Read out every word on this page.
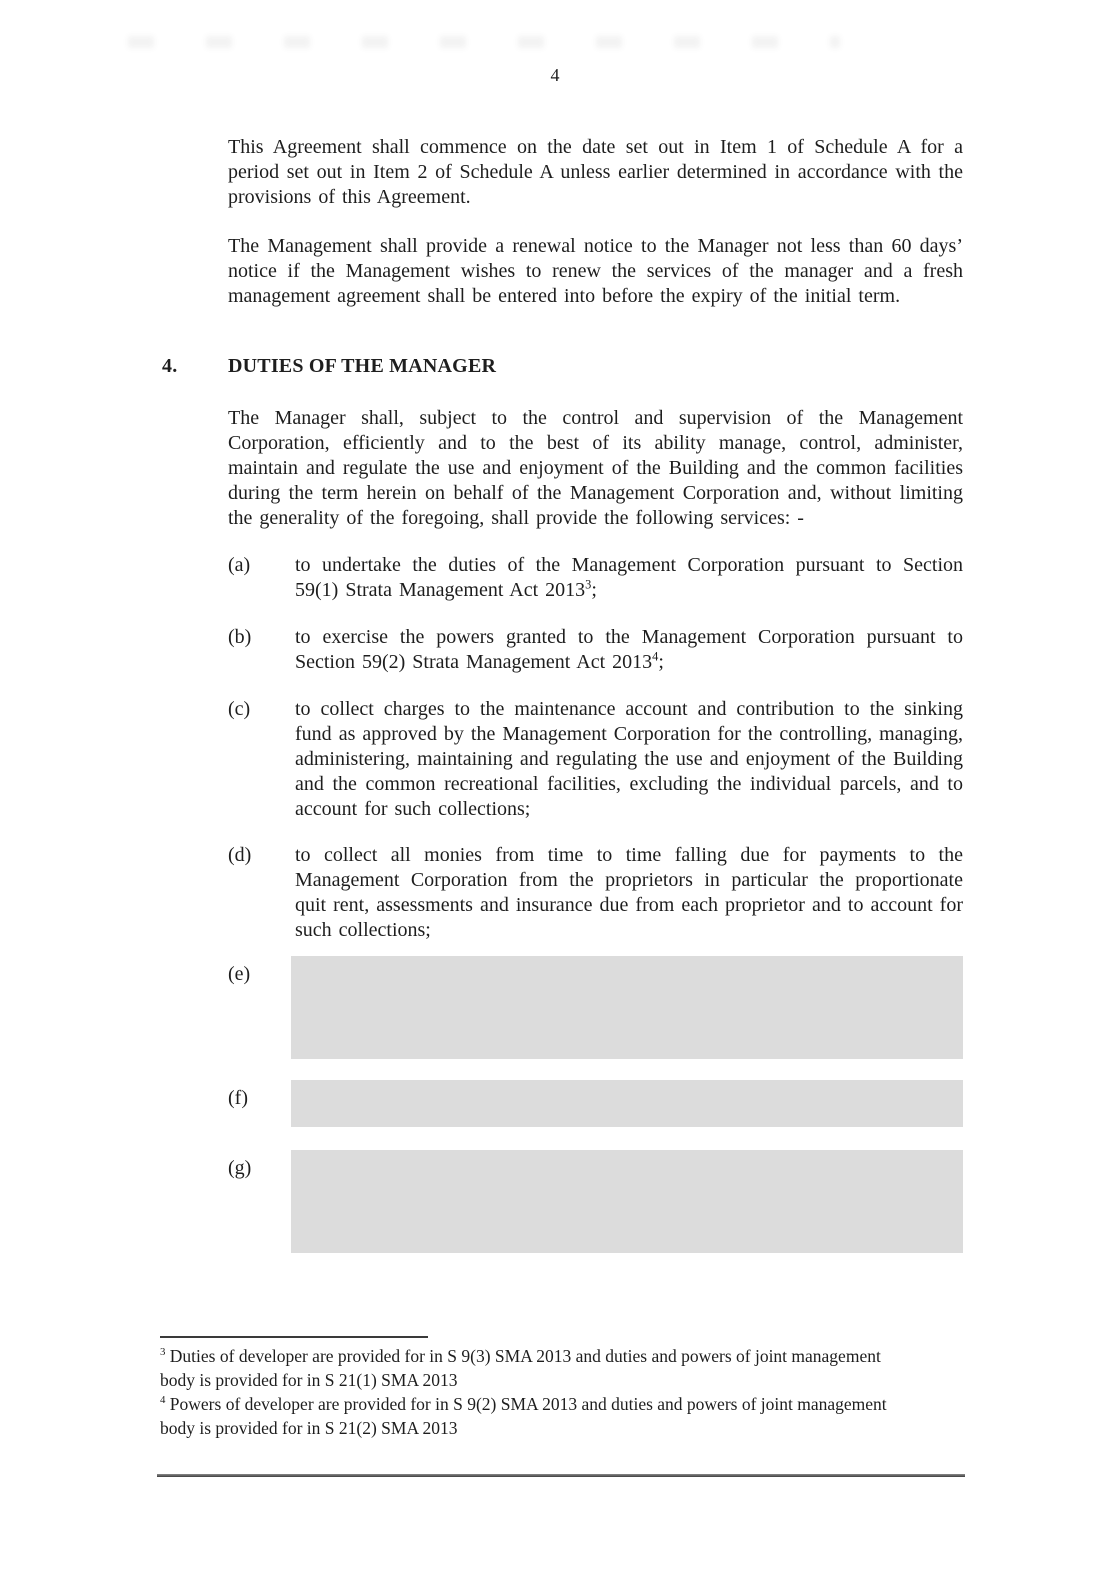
4

This Agreement shall commence on the date set out in Item 1 of Schedule A for a period set out in Item 2 of Schedule A unless earlier determined in accordance with the provisions of this Agreement.

The Management shall provide a renewal notice to the Manager not less than 60 days’ notice if the Management wishes to renew the services of the manager and a fresh management agreement shall be entered into before the expiry of the initial term.

4.	DUTIES OF THE MANAGER

The Manager shall, subject to the control and supervision of the Management Corporation, efficiently and to the best of its ability manage, control, administer, maintain and regulate the use and enjoyment of the Building and the common facilities during the term herein on behalf of the Management Corporation and, without limiting the generality of the foregoing, shall provide the following services: -

(a)	to undertake the duties of the Management Corporation pursuant to Section 59(1) Strata Management Act 2013$^3$;

(b)	to exercise the powers granted to the Management Corporation pursuant to Section 59(2) Strata Management Act 2013$^4$;

(c)	to collect charges to the maintenance account and contribution to the sinking fund as approved by the Management Corporation for the controlling, managing, administering, maintaining and regulating the use and enjoyment of the Building and the common recreational facilities, excluding the individual parcels, and to account for such collections;

(d)	to collect all monies from time to time falling due for payments to the Management Corporation from the proprietors in particular the proportionate quit rent, assessments and insurance due from each proprietor and to account for such collections;

(e)
(f)
(g)
$^3$ Duties of developer are provided for in S 9(3) SMA 2013 and duties and powers of joint management
body is provided for in S 21(1) SMA 2013
$^4$ Powers of developer are provided for in S 9(2) SMA 2013 and duties and powers of joint management
body is provided for in S 21(2) SMA 2013
